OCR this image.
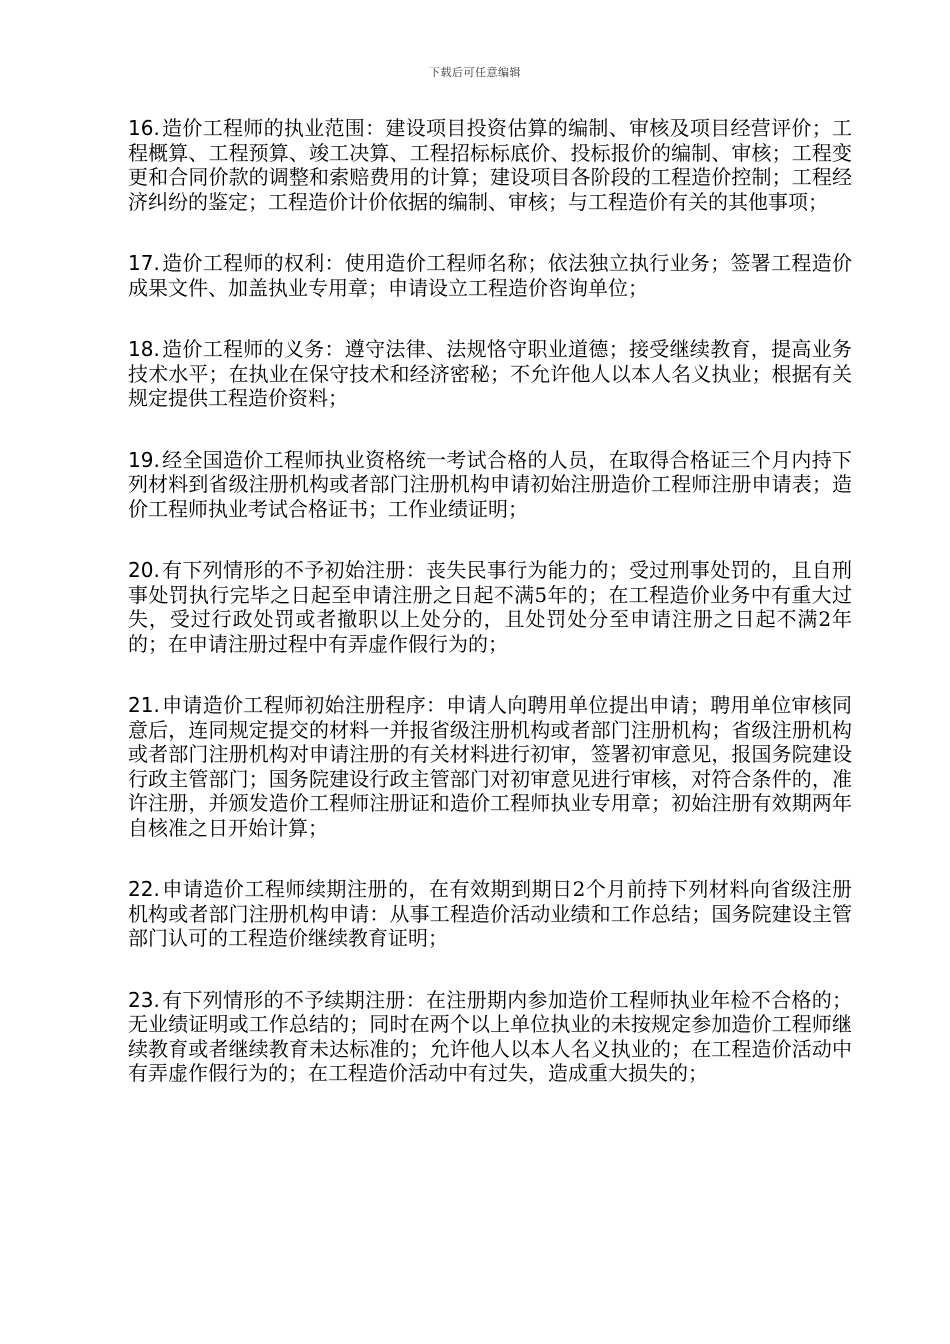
下载后可任意编辑

16.  造价工程师的执业范围：建设项目投资估算的编制、审核及项目经营评价；工程概算、工程预算、竣工决算、工程招标标底价、投标报价的编制、审核；工程变更和合同价款的调整和索赔费用的计算；建设项目各阶段的工程造价控制；工程经济纠纷的鉴定；工程造价计价依据的编制、审核；与工程造价有关的其他事项；

17.  造价工程师的权利：使用造价工程师名称；依法独立执行业务；签署工程造价成果文件、加盖执业专用章；申请设立工程造价咨询单位；

18.  造价工程师的义务：遵守法律、法规恪守职业道德；接受继续教育，提高业务技术水平；在执业在保守技术和经济密秘；不允许他人以本人名义执业；根据有关规定提供工程造价资料；

19.  经全国造价工程师执业资格统一考试合格的人员，在取得合格证三个月内持下列材料到省级注册机构或者部门注册机构申请初始注册造价工程师注册申请表；造价工程师执业考试合格证书；工作业绩证明；

20.  有下列情形的不予初始注册：丧失民事行为能力的；受过刑事处罚的，且自刑事处罚执行完毕之日起至申请注册之日起不满5年的；在工程造价业务中有重大过失，受过行政处罚或者撤职以上处分的，且处罚处分至申请注册之日起不满2年的；在申请注册过程中有弄虚作假行为的；

21.  申请造价工程师初始注册程序：申请人向聘用单位提出申请；聘用单位审核同意后，连同规定提交的材料一并报省级注册机构或者部门注册机构；省级注册机构或者部门注册机构对申请注册的有关材料进行初审，签署初审意见，报国务院建设行政主管部门；国务院建设行政主管部门对初审意见进行审核，对符合条件的，准许注册，并颁发造价工程师注册证和造价工程师执业专用章；初始注册有效期两年自核准之日开始计算；

22.  申请造价工程师续期注册的，在有效期到期日2个月前持下列材料向省级注册机构或者部门注册机构申请：从事工程造价活动业绩和工作总结；国务院建设主管部门认可的工程造价继续教育证明；

23.  有下列情形的不予续期注册：在注册期内参加造价工程师执业年检不合格的；无业绩证明或工作总结的；同时在两个以上单位执业的未按规定参加造价工程师继续教育或者继续教育未达标准的；允许他人以本人名义执业的；在工程造价活动中有弄虚作假行为的；在工程造价活动中有过失，造成重大损失的；
